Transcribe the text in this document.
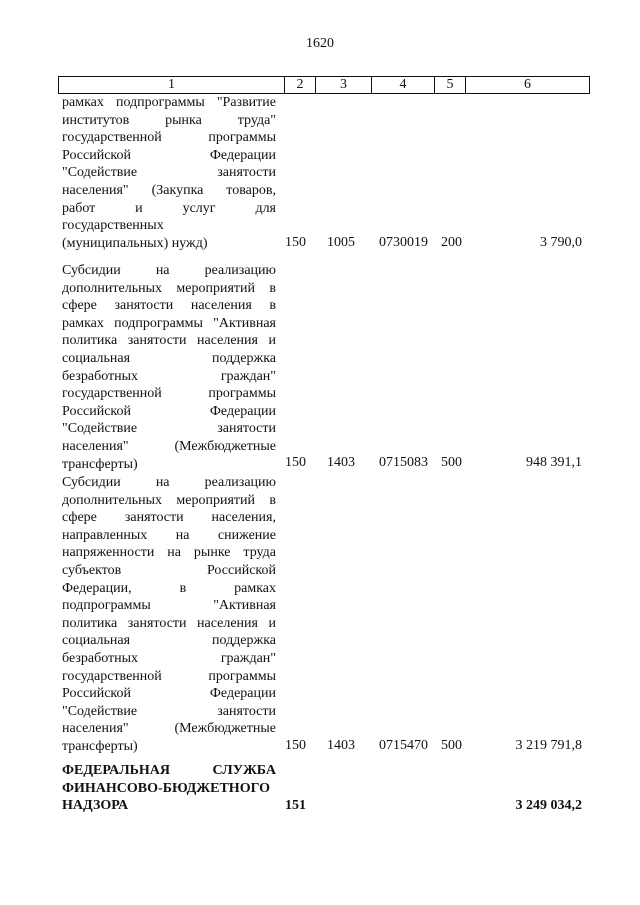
1620
1	2	3	4	5	6
рамках подпрограммы "Развитие
институтов рынка труда"
государственной программы
Российской Федерации
"Содействие занятости
населения" (Закупка товаров,
работ и услуг для
государственных
(муниципальных) нужд)	150 1005 0730019 200	3 790,0
Субсидии на реализацию
дополнительных мероприятий в
сфере занятости населения в
рамках подпрограммы "Активная
политика занятости населения и
социальная поддержка
безработных граждан"
государственной программы
Российской Федерации
"Содействие занятости
населения" (Межбюджетные
трансферты)	150 1403 0715083 500	948 391,1
Субсидии на реализацию
дополнительных мероприятий в
сфере занятости населения,
направленных на снижение
напряженности на рынке труда
субъектов Российской
Федерации, в рамках
подпрограммы "Активная
политика занятости населения и
социальная поддержка
безработных граждан"
государственной программы
Российской Федерации
"Содействие занятости
населения" (Межбюджетные
трансферты)	150 1403 0715470 500	3 219 791,8
ФЕДЕРАЛЬНАЯ СЛУЖБА
ФИНАНСОВО-БЮДЖЕТНОГО
НАДЗОРА	151	3 249 034,2
